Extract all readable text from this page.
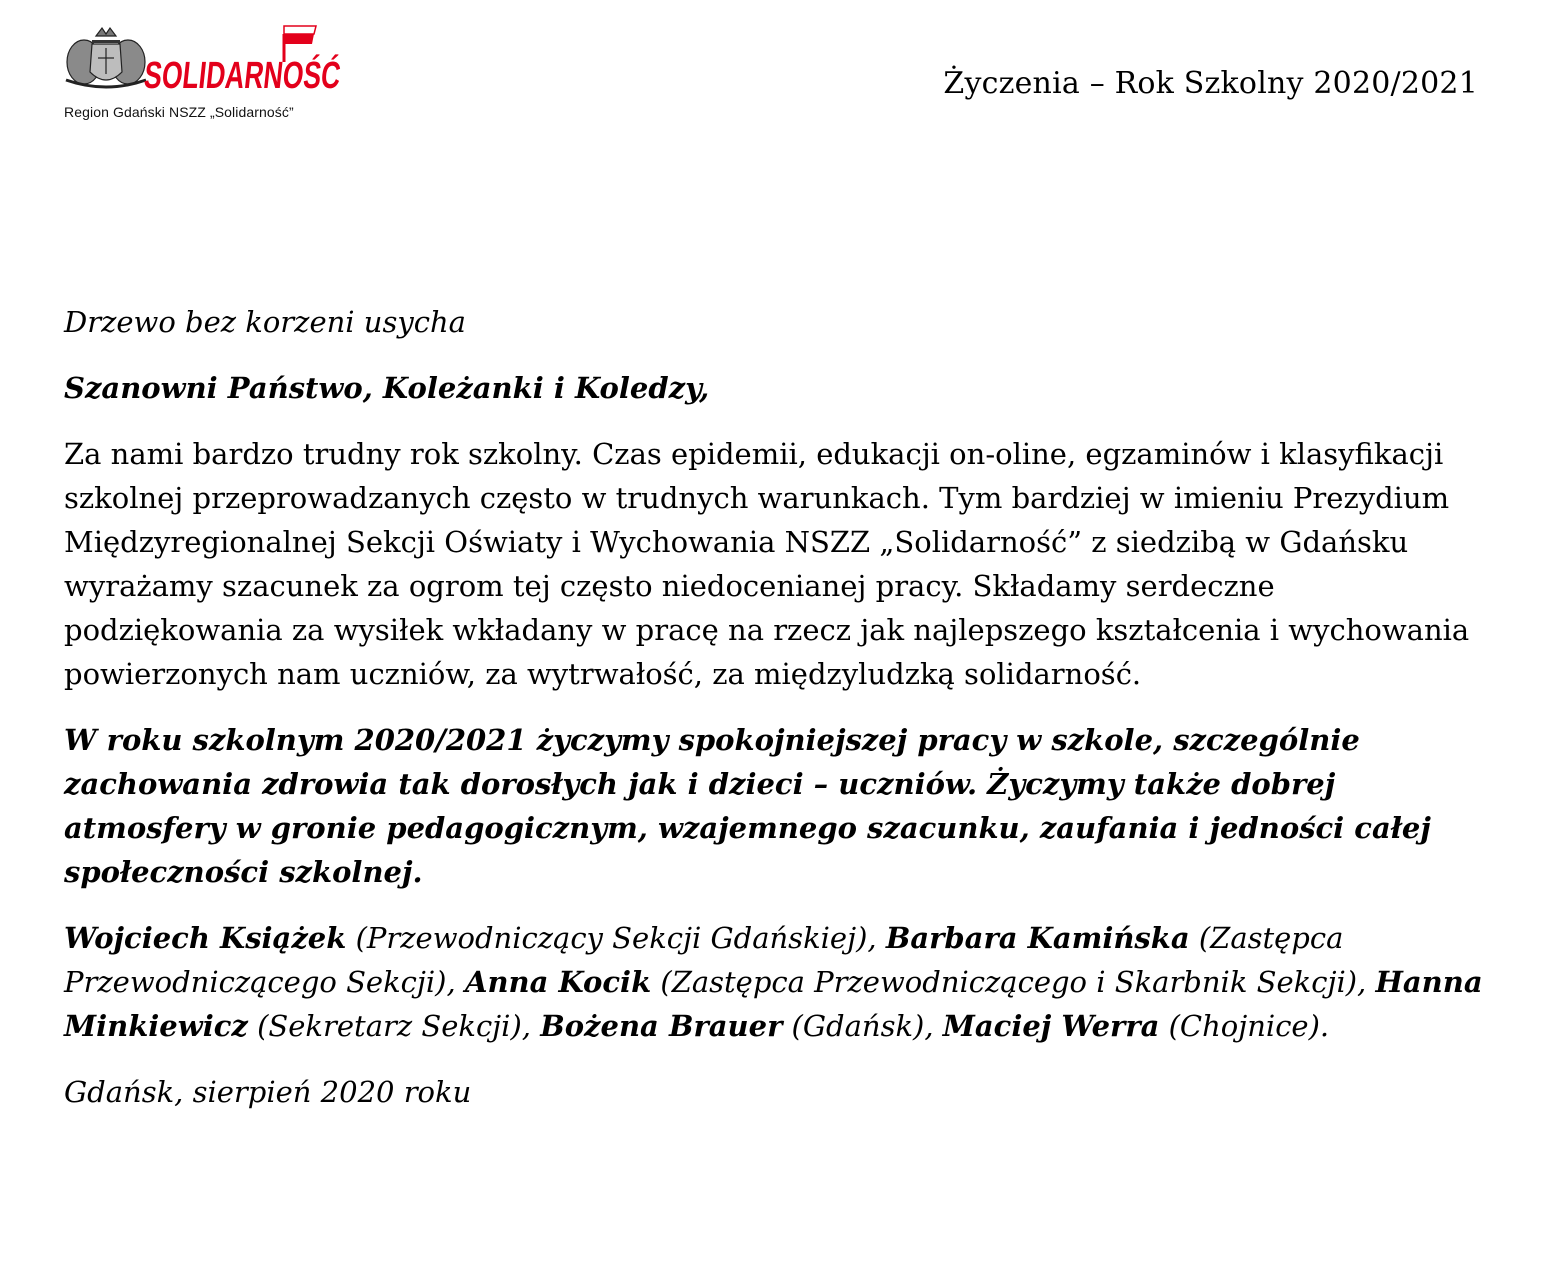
SOLIDARNOŚĆ
Region Gdański NSZZ „Solidarność”
Życzenia – Rok Szkolny 2020/2021

Drzewo bez korzeni usycha

Szanowni Państwo, Koleżanki i Koledzy,

Za nami bardzo trudny rok szkolny. Czas epidemii, edukacji on-oline, egzaminów i klasyfikacji szkolnej przeprowadzanych często w trudnych warunkach. Tym bardziej w imieniu Prezydium Międzyregionalnej Sekcji Oświaty i Wychowania NSZZ „Solidarność” z siedzibą w Gdańsku wyrażamy szacunek za ogrom tej często niedocenianej pracy. Składamy serdeczne podziękowania za wysiłek wkładany w pracę na rzecz jak najlepszego kształcenia i wychowania powierzonych nam uczniów, za wytrwałość, za międzyludzką solidarność.

W roku szkolnym 2020/2021 życzymy spokojniejszej pracy w szkole, szczególnie zachowania zdrowia tak dorosłych jak i dzieci – uczniów. Życzymy także dobrej atmosfery w gronie pedagogicznym, wzajemnego szacunku, zaufania i jedności całej społeczności szkolnej.

Wojciech Książek (Przewodniczący Sekcji Gdańskiej), Barbara Kamińska (Zastępca Przewodniczącego Sekcji), Anna Kocik (Zastępca Przewodniczącego i Skarbnik Sekcji), Hanna Minkiewicz (Sekretarz Sekcji), Bożena Brauer (Gdańsk), Maciej Werra (Chojnice).

Gdańsk, sierpień 2020 roku
